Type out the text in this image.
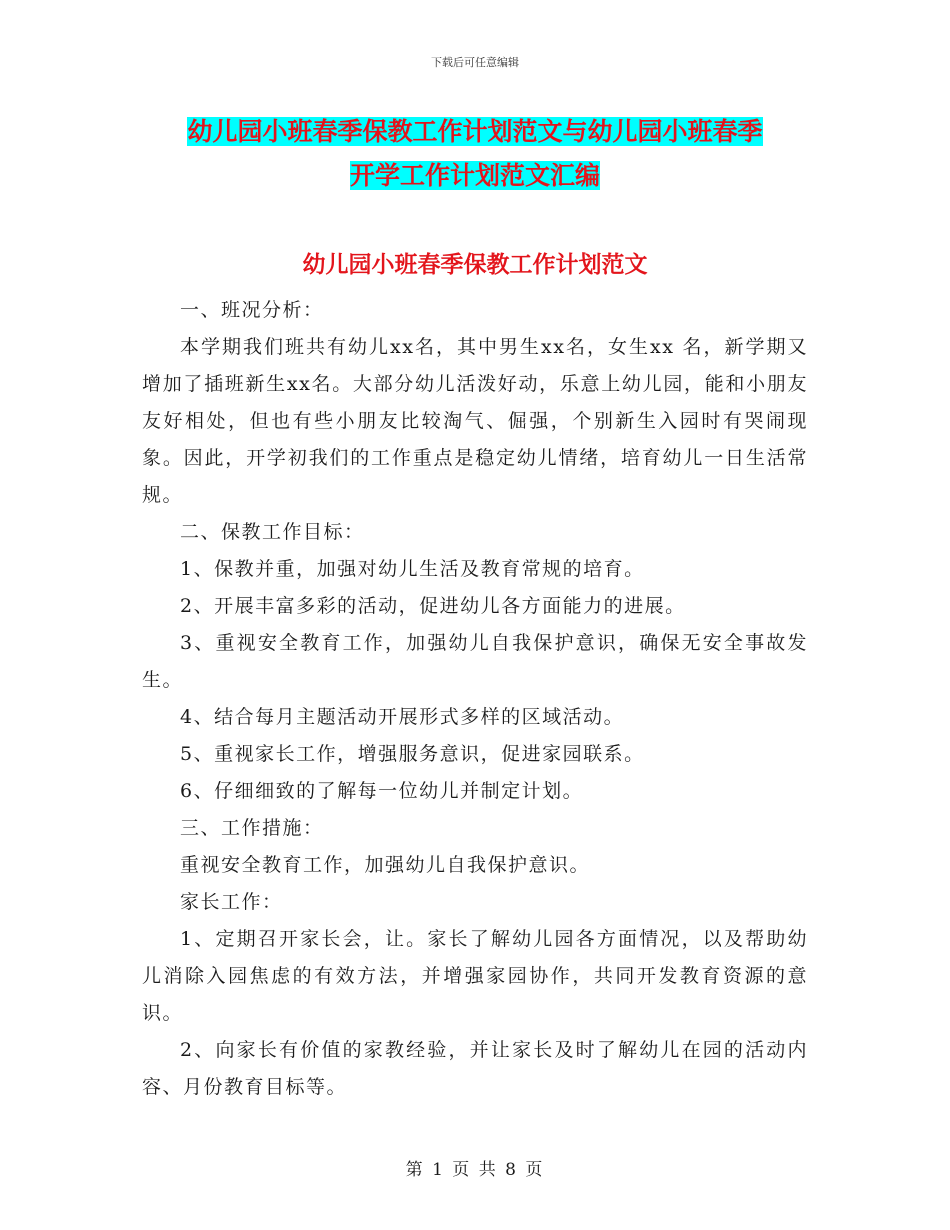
下载后可任意编辑
幼儿园小班春季保教工作计划范文与幼儿园小班春季
开学工作计划范文汇编
幼儿园小班春季保教工作计划范文

一、班况分析：

本学期我们班共有幼儿xx名，其中男生xx名，女生xx 名，新学期又增加了插班新生xx名。大部分幼儿活泼好动，乐意上幼儿园，能和小朋友友好相处，但也有些小朋友比较淘气、倔强，个别新生入园时有哭闹现象。因此，开学初我们的工作重点是稳定幼儿情绪，培育幼儿一日生活常规。

二、保教工作目标：

1、保教并重，加强对幼儿生活及教育常规的培育。

2、开展丰富多彩的活动，促进幼儿各方面能力的进展。

3、重视安全教育工作，加强幼儿自我保护意识，确保无安全事故发生。

4、结合每月主题活动开展形式多样的区域活动。

5、重视家长工作，增强服务意识，促进家园联系。

6、仔细细致的了解每一位幼儿并制定计划。

三、工作措施：

重视安全教育工作，加强幼儿自我保护意识。

家长工作：

1、定期召开家长会，让。家长了解幼儿园各方面情况，以及帮助幼儿消除入园焦虑的有效方法，并增强家园协作，共同开发教育资源的意识。

2、向家长有价值的家教经验，并让家长及时了解幼儿在园的活动内容、月份教育目标等。

第 1 页 共 8 页
